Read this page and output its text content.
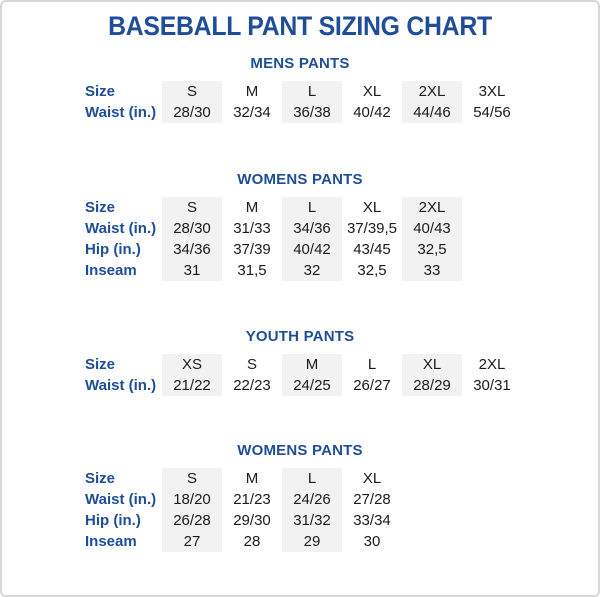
BASEBALL PANT SIZING CHART
MENS PANTS
Size	S	M	L	XL	2XL	3XL
Waist (in.)	28/30	32/34	36/38	40/42	44/46	54/56
WOMENS PANTS
Size	S	M	L	XL	2XL
Waist (in.)	28/30	31/33	34/36	37/39,5	40/43
Hip (in.)	34/36	37/39	40/42	43/45	32,5
Inseam	31	31,5	32	32,5	33
YOUTH PANTS
Size	XS	S	M	L	XL	2XL
Waist (in.)	21/22	22/23	24/25	26/27	28/29	30/31
WOMENS PANTS
Size	S	M	L	XL
Waist (in.)	18/20	21/23	24/26	27/28
Hip (in.)	26/28	29/30	31/32	33/34
Inseam	27	28	29	30
